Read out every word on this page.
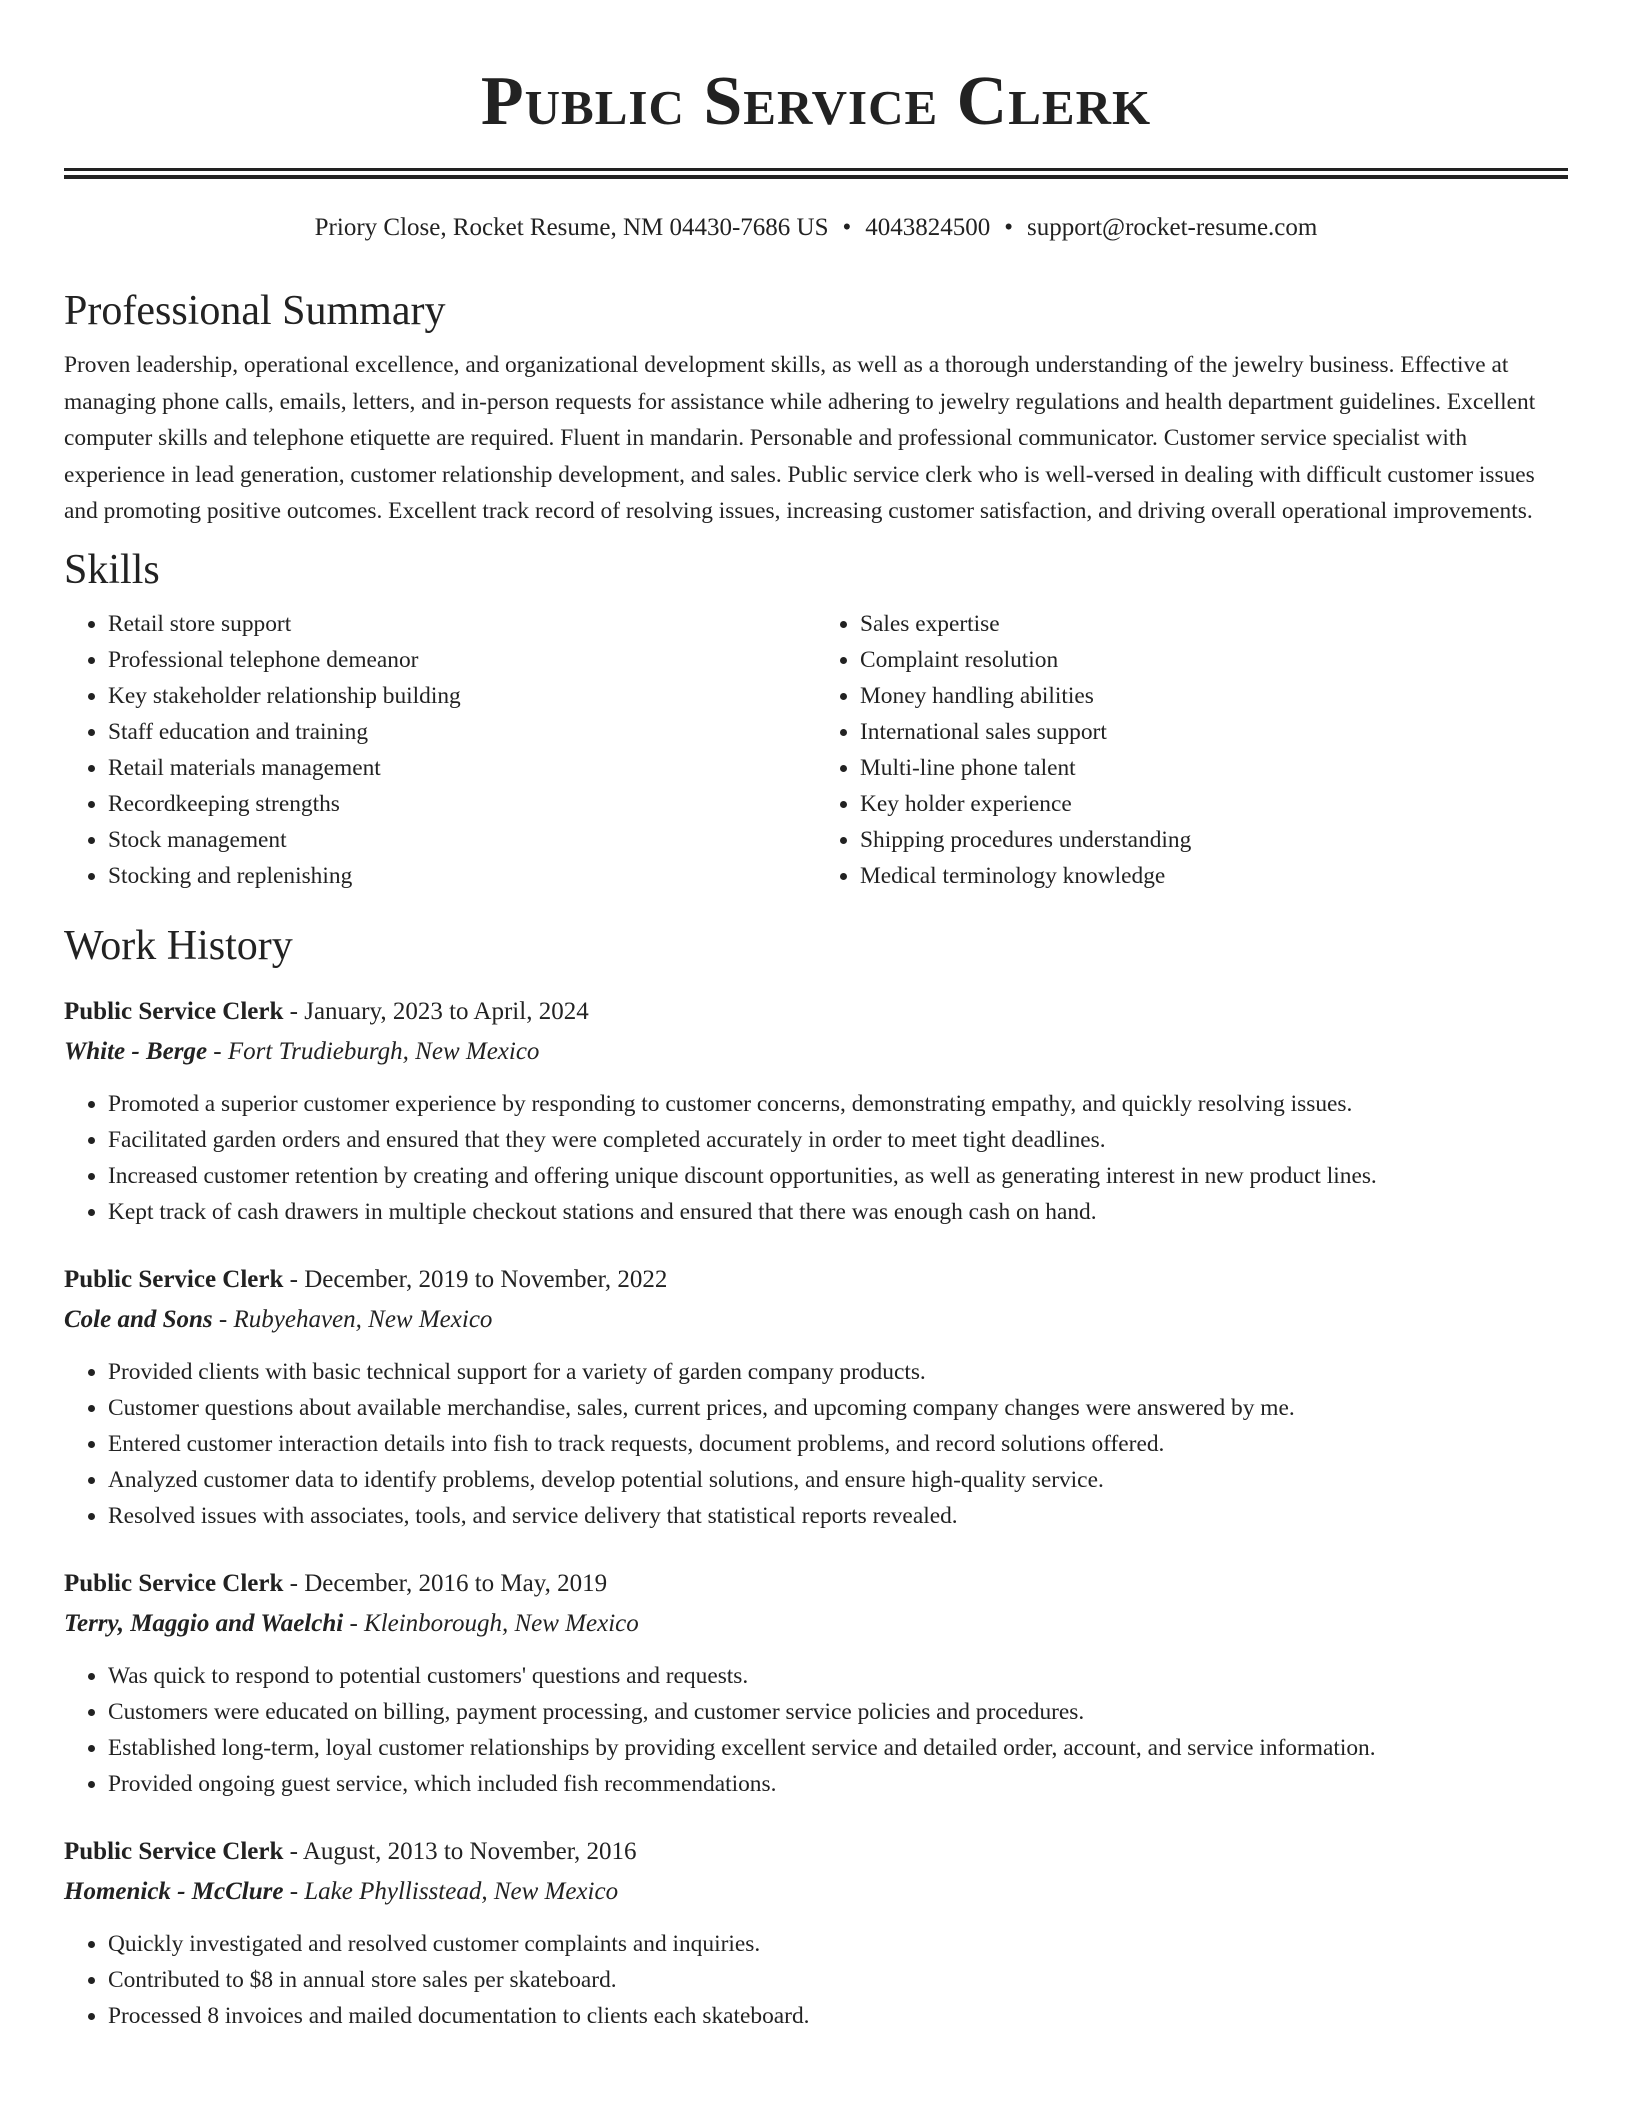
Public Service Clerk
Priory Close, Rocket Resume, NM 04430-7686 US • 4043824500 • support@rocket-resume.com
Professional Summary

Proven leadership, operational excellence, and organizational development skills, as well as a thorough understanding of the jewelry business. Effective at managing phone calls, emails, letters, and in-person requests for assistance while adhering to jewelry regulations and health department guidelines. Excellent computer skills and telephone etiquette are required. Fluent in mandarin. Personable and professional communicator. Customer service specialist with experience in lead generation, customer relationship development, and sales. Public service clerk who is well-versed in dealing with difficult customer issues and promoting positive outcomes. Excellent track record of resolving issues, increasing customer satisfaction, and driving overall operational improvements.

Skills
• Retail store support
• Professional telephone demeanor
• Key stakeholder relationship building
• Staff education and training
• Retail materials management
• Recordkeeping strengths
• Stock management
• Stocking and replenishing
• Sales expertise
• Complaint resolution
• Money handling abilities
• International sales support
• Multi-line phone talent
• Key holder experience
• Shipping procedures understanding
• Medical terminology knowledge
Work History
Public Service Clerk - January, 2023 to April, 2024
White - Berge - Fort Trudieburgh, New Mexico
• Promoted a superior customer experience by responding to customer concerns, demonstrating empathy, and quickly resolving issues.
• Facilitated garden orders and ensured that they were completed accurately in order to meet tight deadlines.
• Increased customer retention by creating and offering unique discount opportunities, as well as generating interest in new product lines.
• Kept track of cash drawers in multiple checkout stations and ensured that there was enough cash on hand.
Public Service Clerk - December, 2019 to November, 2022
Cole and Sons - Rubyehaven, New Mexico
• Provided clients with basic technical support for a variety of garden company products.
• Customer questions about available merchandise, sales, current prices, and upcoming company changes were answered by me.
• Entered customer interaction details into fish to track requests, document problems, and record solutions offered.
• Analyzed customer data to identify problems, develop potential solutions, and ensure high-quality service.
• Resolved issues with associates, tools, and service delivery that statistical reports revealed.
Public Service Clerk - December, 2016 to May, 2019
Terry, Maggio and Waelchi - Kleinborough, New Mexico
• Was quick to respond to potential customers' questions and requests.
• Customers were educated on billing, payment processing, and customer service policies and procedures.
• Established long-term, loyal customer relationships by providing excellent service and detailed order, account, and service information.
• Provided ongoing guest service, which included fish recommendations.
Public Service Clerk - August, 2013 to November, 2016
Homenick - McClure - Lake Phyllisstead, New Mexico
• Quickly investigated and resolved customer complaints and inquiries.
• Contributed to $8 in annual store sales per skateboard.
• Processed 8 invoices and mailed documentation to clients each skateboard.
